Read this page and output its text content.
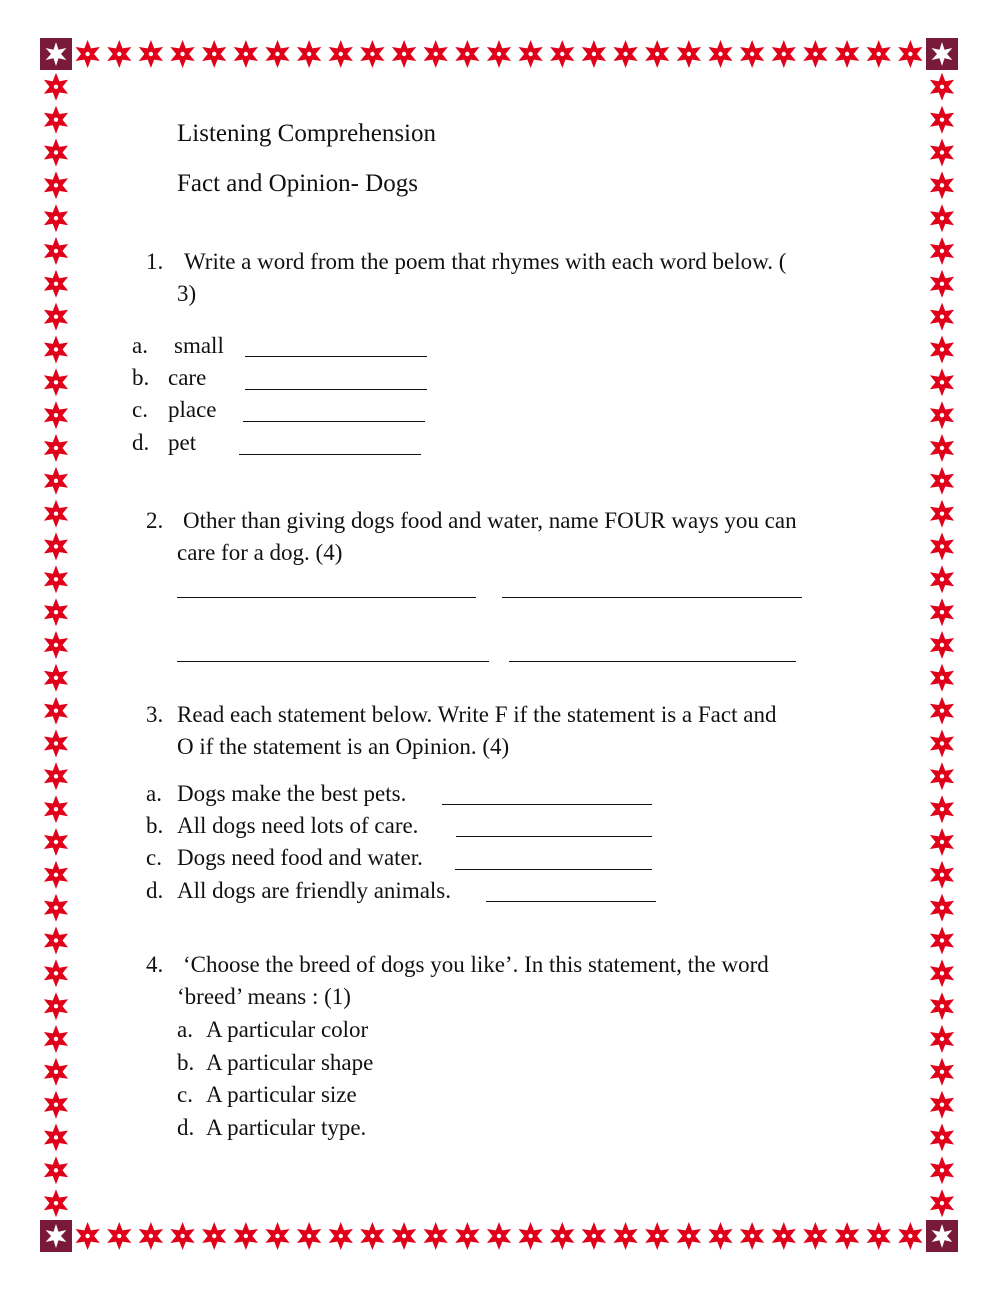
Listening Comprehension
Fact and Opinion- Dogs
1. Write a word from the poem that rhymes with each word below. (
3)
a. small
b. care
c. place
d. pet
2. Other than giving dogs food and water, name FOUR ways you can
care for a dog. (4)
3. Read each statement below. Write F if the statement is a Fact and
O if the statement is an Opinion. (4)
a. Dogs make the best pets.
b. All dogs need lots of care.
c. Dogs need food and water.
d. All dogs are friendly animals.
4. ‘Choose the breed of dogs you like’. In this statement, the word
‘breed’ means : (1)
a. A particular color
b. A particular shape
c. A particular size
d. A particular type.
